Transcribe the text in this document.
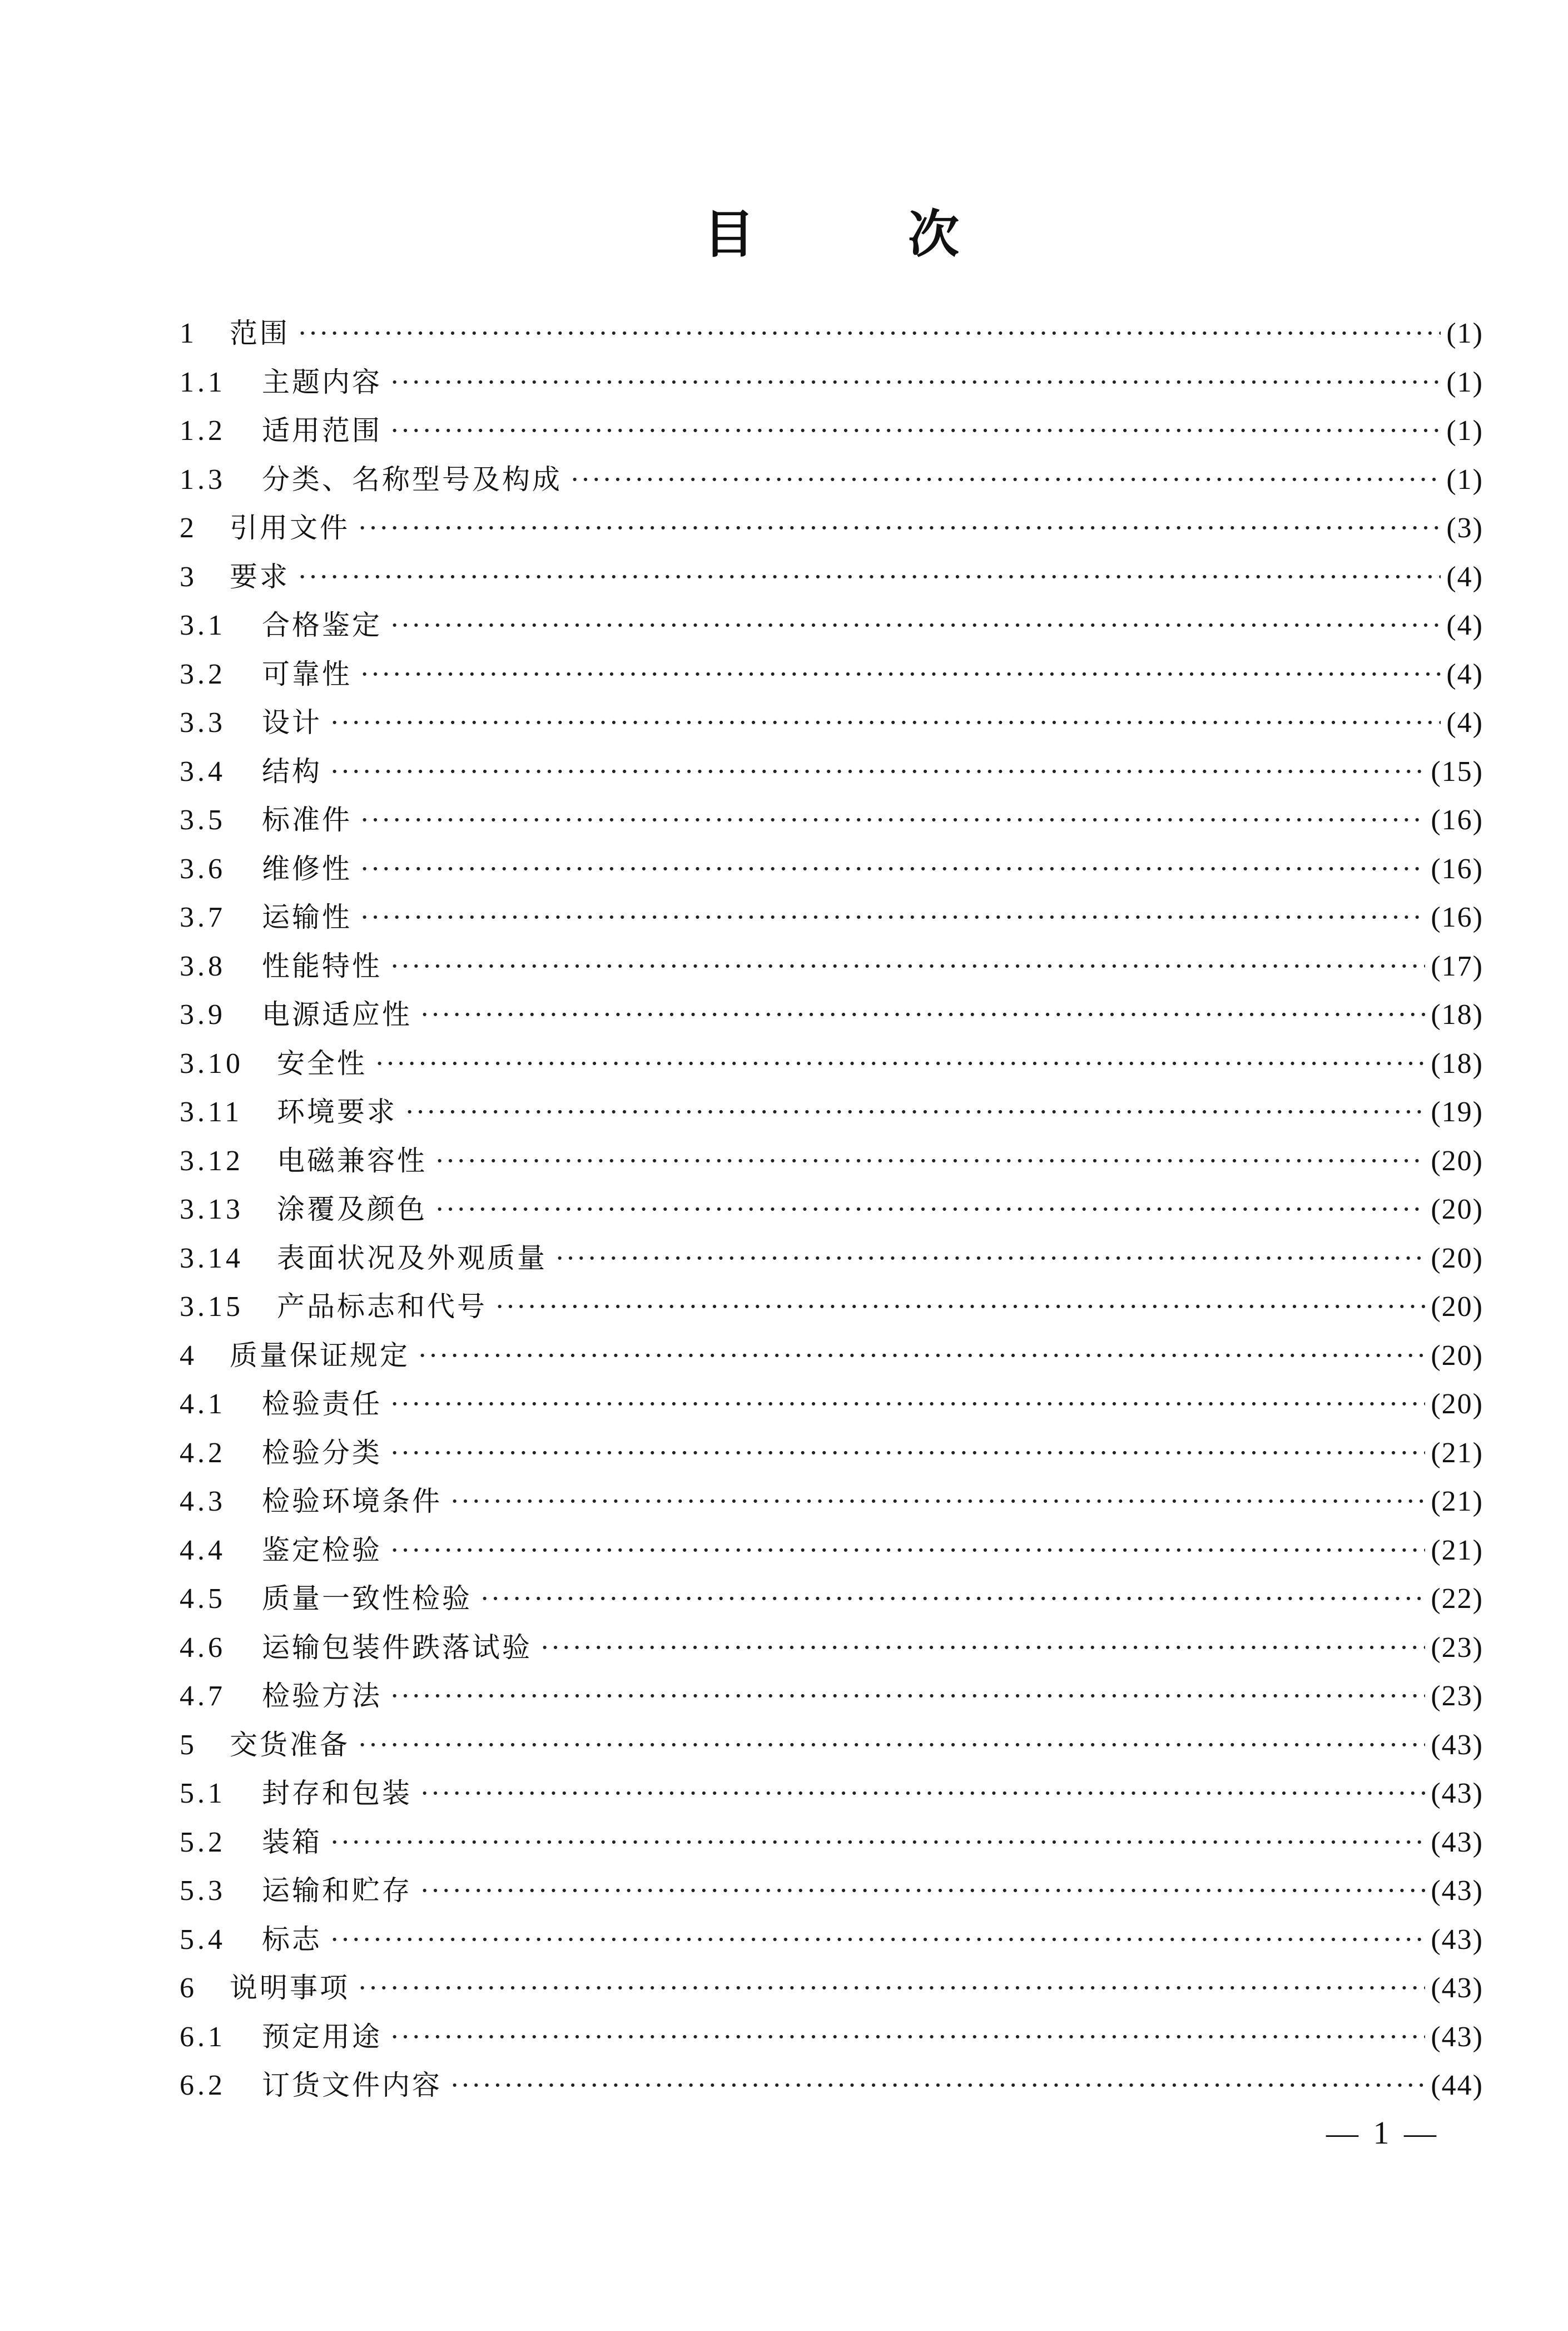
目	次
1	范围 ·····	(1)
1.1	主题内容 ·····	(1)
1.2	适用范围 ·····	(1)
1.3	分类、名称型号及构成 ·····	(1)
2	引用文件 ·····	(3)
3	要求 ·····	(4)
3.1	合格鉴定 ·····	(4)
3.2	可靠性 ·····	(4)
3.3	设计 ·····	(4)
3.4	结构 ·····	(15)
3.5	标准件 ·····	(16)
3.6	维修性 ·····	(16)
3.7	运输性 ·····	(16)
3.8	性能特性 ·····	(17)
3.9	电源适应性 ·····	(18)
3.10	安全性 ·····	(18)
3.11	环境要求 ·····	(19)
3.12	电磁兼容性 ·····	(20)
3.13	涂覆及颜色 ·····	(20)
3.14	表面状况及外观质量 ·····	(20)
3.15	产品标志和代号 ·····	(20)
4	质量保证规定 ·····	(20)
4.1	检验责任 ·····	(20)
4.2	检验分类 ·····	(21)
4.3	检验环境条件 ·····	(21)
4.4	鉴定检验 ·····	(21)
4.5	质量一致性检验 ·····	(22)
4.6	运输包装件跌落试验 ·····	(23)
4.7	检验方法 ·····	(23)
5	交货准备 ·····	(43)
5.1	封存和包装 ·····	(43)
5.2	装箱 ·····	(43)
5.3	运输和贮存 ·····	(43)
5.4	标志 ·····	(43)
6	说明事项 ·····	(43)
6.1	预定用途 ·····	(43)
6.2	订货文件内容 ·····	(44)
— 1 —
